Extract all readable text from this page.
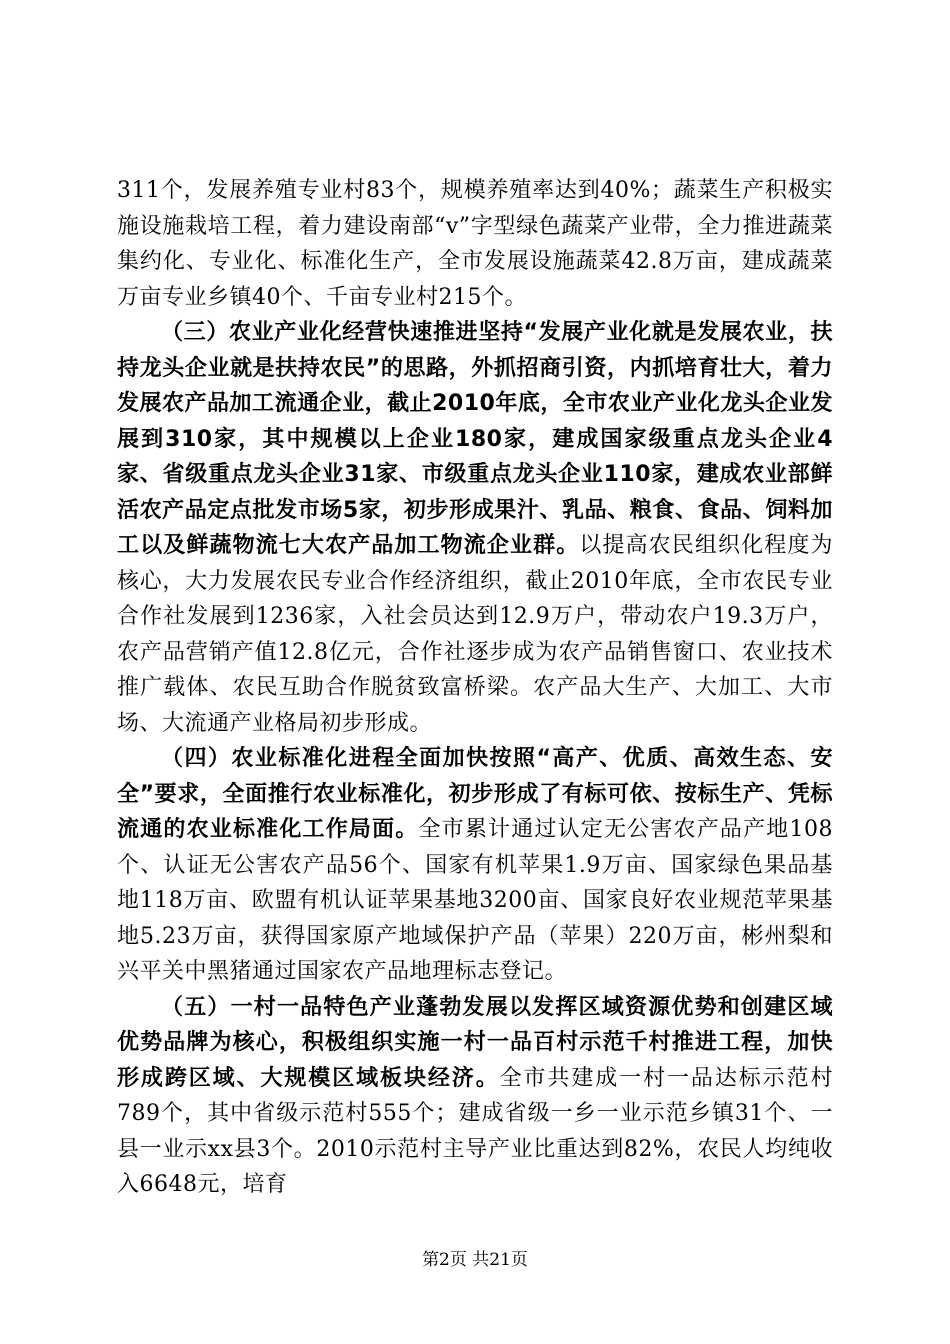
311个，发展养殖专业村83个，规模养殖率达到40%；蔬菜生产积极实施设施栽培工程，着力建设南部“v”字型绿色蔬菜产业带，全力推进蔬菜集约化、专业化、标准化生产，全市发展设施蔬菜42.8万亩，建成蔬菜万亩专业乡镇40个、千亩专业村215个。

（三）农业产业化经营快速推进坚持“发展产业化就是发展农业，扶持龙头企业就是扶持农民”的思路，外抓招商引资，内抓培育壮大，着力发展农产品加工流通企业，截止2010年底，全市农业产业化龙头企业发展到310家，其中规模以上企业180家，建成国家级重点龙头企业4家、省级重点龙头企业31家、市级重点龙头企业110家，建成农业部鲜活农产品定点批发市场5家，初步形成果汁、乳品、粮食、食品、饲料加工以及鲜蔬物流七大农产品加工物流企业群。以提高农民组织化程度为核心，大力发展农民专业合作经济组织，截止2010年底，全市农民专业合作社发展到1236家，入社会员达到12.9万户，带动农户19.3万户，农产品营销产值12.8亿元，合作社逐步成为农产品销售窗口、农业技术推广载体、农民互助合作脱贫致富桥梁。农产品大生产、大加工、大市场、大流通产业格局初步形成。

（四）农业标准化进程全面加快按照“高产、优质、高效生态、安全”要求，全面推行农业标准化，初步形成了有标可依、按标生产、凭标流通的农业标准化工作局面。全市累计通过认定无公害农产品产地108个、认证无公害农产品56个、国家有机苹果1.9万亩、国家绿色果品基地118万亩、欧盟有机认证苹果基地3200亩、国家良好农业规范苹果基地5.23万亩，获得国家原产地域保护产品（苹果）220万亩，彬州梨和兴平关中黑猪通过国家农产品地理标志登记。

（五）一村一品特色产业蓬勃发展以发挥区域资源优势和创建区域优势品牌为核心，积极组织实施一村一品百村示范千村推进工程，加快形成跨区域、大规模区域板块经济。全市共建成一村一品达标示范村789个，其中省级示范村555个；建成省级一乡一业示范乡镇31个、一县一业示xx县3个。2010示范村主导产业比重达到82%，农民人均纯收入6648元，培育

第2页 共21页
